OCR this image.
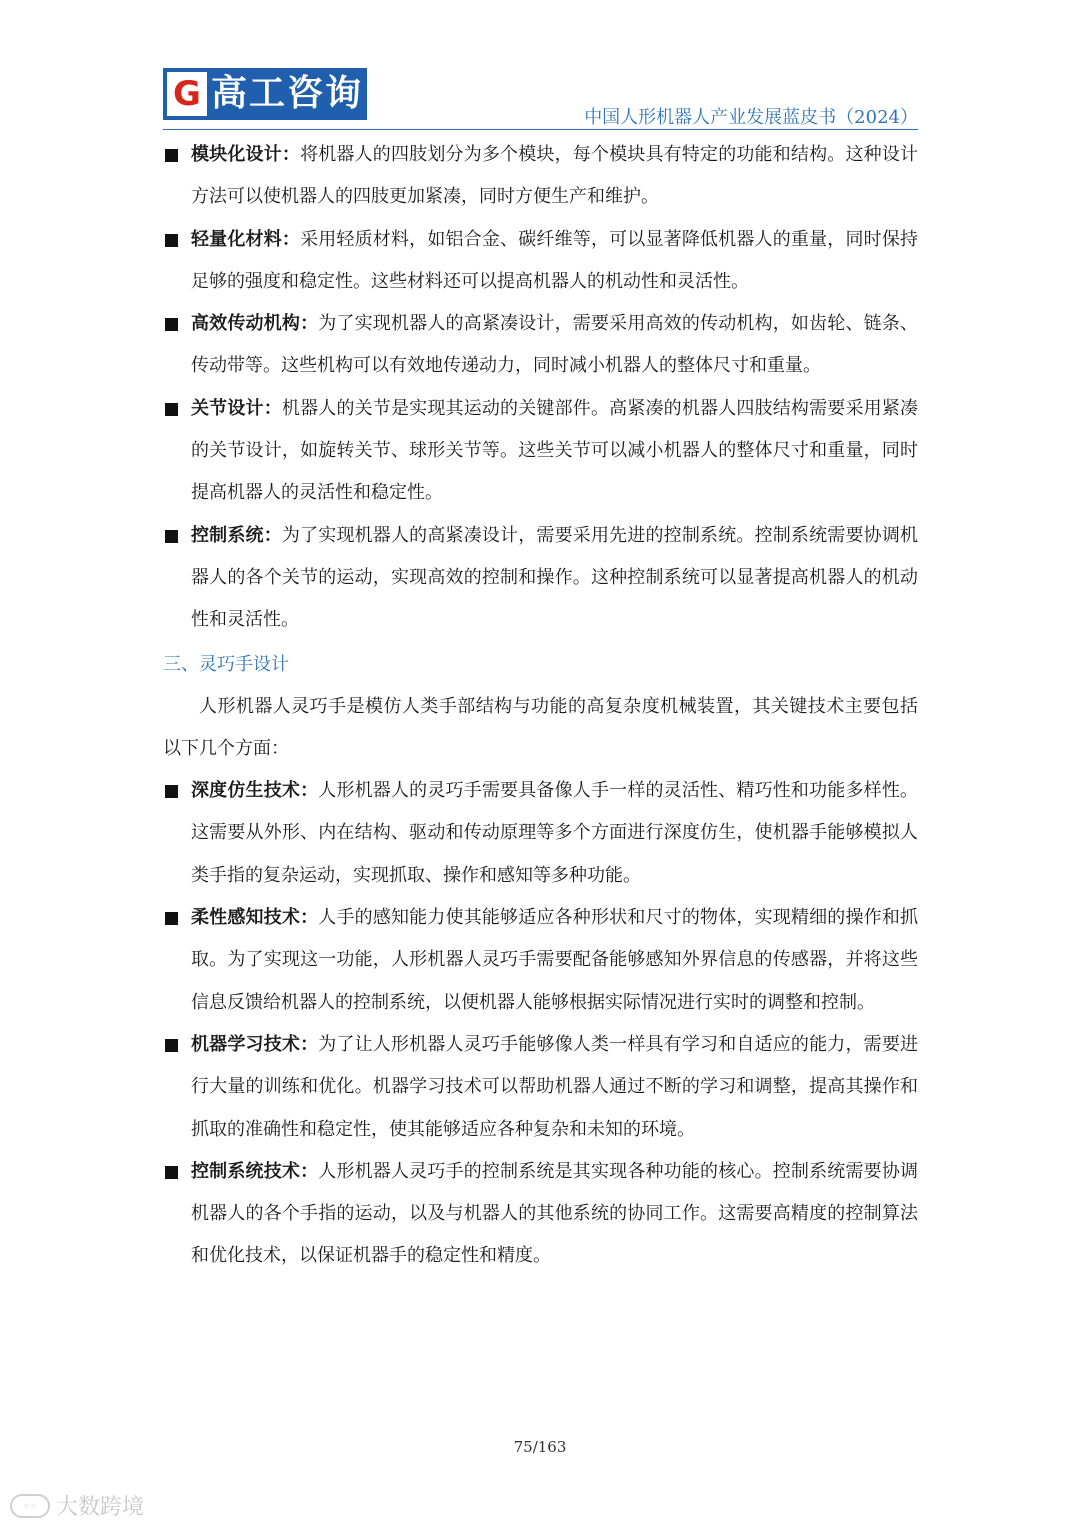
G 高工咨询
中国人形机器人产业发展蓝皮书（2024）
模块化设计：将机器人的四肢划分为多个模块，每个模块具有特定的功能和结构。这种设计方法可以使机器人的四肢更加紧凑，同时方便生产和维护。
轻量化材料：采用轻质材料，如铝合金、碳纤维等，可以显著降低机器人的重量，同时保持足够的强度和稳定性。这些材料还可以提高机器人的机动性和灵活性。
高效传动机构：为了实现机器人的高紧凑设计，需要采用高效的传动机构，如齿轮、链条、传动带等。这些机构可以有效地传递动力，同时减小机器人的整体尺寸和重量。
关节设计：机器人的关节是实现其运动的关键部件。高紧凑的机器人四肢结构需要采用紧凑的关节设计，如旋转关节、球形关节等。这些关节可以减小机器人的整体尺寸和重量，同时提高机器人的灵活性和稳定性。
控制系统：为了实现机器人的高紧凑设计，需要采用先进的控制系统。控制系统需要协调机器人的各个关节的运动，实现高效的控制和操作。这种控制系统可以显著提高机器人的机动性和灵活性。
三、灵巧手设计
人形机器人灵巧手是模仿人类手部结构与功能的高复杂度机械装置，其关键技术主要包括以下几个方面：
深度仿生技术：人形机器人的灵巧手需要具备像人手一样的灵活性、精巧性和功能多样性。这需要从外形、内在结构、驱动和传动原理等多个方面进行深度仿生，使机器手能够模拟人类手指的复杂运动，实现抓取、操作和感知等多种功能。
柔性感知技术：人手的感知能力使其能够适应各种形状和尺寸的物体，实现精细的操作和抓取。为了实现这一功能，人形机器人灵巧手需要配备能够感知外界信息的传感器，并将这些信息反馈给机器人的控制系统，以便机器人能够根据实际情况进行实时的调整和控制。
机器学习技术：为了让人形机器人灵巧手能够像人类一样具有学习和自适应的能力，需要进行大量的训练和优化。机器学习技术可以帮助机器人通过不断的学习和调整，提高其操作和抓取的准确性和稳定性，使其能够适应各种复杂和未知的环境。
控制系统技术：人形机器人灵巧手的控制系统是其实现各种功能的核心。控制系统需要协调机器人的各个手指的运动，以及与机器人的其他系统的协同工作。这需要高精度的控制算法和优化技术，以保证机器手的稳定性和精度。
75/163
◦◦ 大数跨境
